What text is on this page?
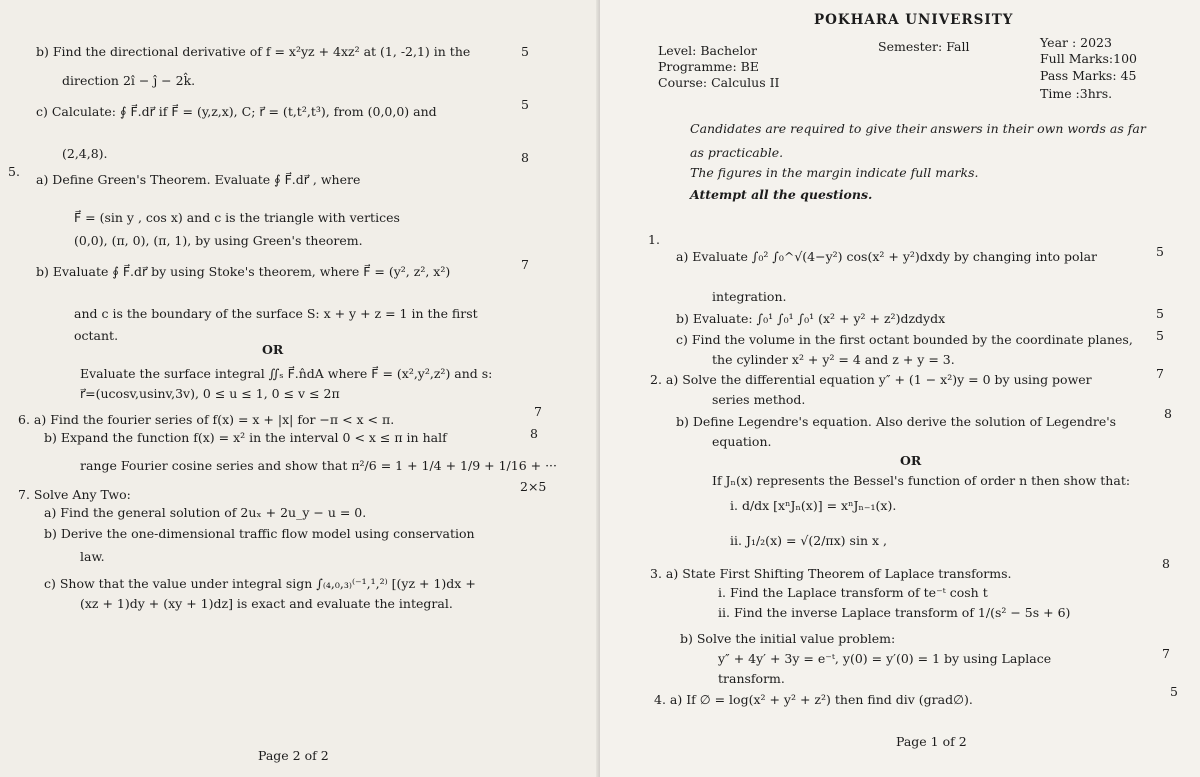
b) Find the directional derivative of f = x²yz + 4xz² at (1, -2,1) in the
direction 2î − ĵ − 2k̂.
c) Calculate: ∮ F⃗.dr⃗ if F⃗ = (y,z,x), C; r⃗ = (t,t²,t³), from (0,0,0) and
(2,4,8).
5.
a) Define Green's Theorem. Evaluate ∮ F⃗.dr⃗ , where
F⃗ = (sin y , cos x) and c is the triangle with vertices
(0,0), (π, 0), (π, 1), by using Green's theorem.
b) Evaluate ∮ F⃗.dr⃗ by using Stoke's theorem, where F⃗ = (y², z², x²)
and c is the boundary of the surface S: x + y + z = 1 in the first
octant.
OR
Evaluate the surface integral ∬ₛ F⃗.n̂dA where F⃗ = (x²,y²,z²) and s:
r⃗=(ucosv,usinv,3v), 0 ≤ u ≤ 1, 0 ≤ v ≤ 2π
6. a) Find the fourier series of f(x) = x + |x| for −π < x < π.
b) Expand the function f(x) = x² in the interval 0 < x ≤ π in half
range Fourier cosine series and show that π²/6 = 1 + 1/4 + 1/9 + 1/16 + ···
7. Solve Any Two:
a) Find the general solution of 2uₓ + 2u_y − u = 0.
b) Derive the one-dimensional traffic flow model using conservation
law.
c) Show that the value under integral sign ∫₍₄,₀,₃₎⁽⁻¹,¹,²⁾ [(yz + 1)dx +
(xz + 1)dy + (xy + 1)dz] is exact and evaluate the integral.
Page 2 of 2
5
5
8
7
7
8
2×5
POKHARA UNIVERSITY
Level: Bachelor
Programme: BE
Course: Calculus II
Semester: Fall	Year : 2023
Full Marks:100
Pass Marks: 45
Time :3hrs.
Candidates are required to give their answers in their own words as far
as practicable.
The figures in the margin indicate full marks.
Attempt all the questions.
1.
a) Evaluate ∫₀² ∫₀^√(4−y²) cos(x² + y²)dxdy by changing into polar
integration.
b) Evaluate: ∫₀¹ ∫₀¹ ∫₀¹ (x² + y² + z²)dzdydx
c) Find the volume in the first octant bounded by the coordinate planes,
the cylinder x² + y² = 4 and z + y = 3.
2. a) Solve the differential equation y″ + (1 − x²)y = 0 by using power
series method.
b) Define Legendre's equation. Also derive the solution of Legendre's
equation.
OR
If Jₙ(x) represents the Bessel's function of order n then show that:
i. d/dx [xⁿJₙ(x)] = xⁿJₙ₋₁(x).
ii. J₁/₂(x) = √(2/πx) sin x ,
3. a) State First Shifting Theorem of Laplace transforms.
i. Find the Laplace transform of te⁻ᵗ cosh t
ii. Find the inverse Laplace transform of 1/(s² − 5s + 6)
b) Solve the initial value problem:
y″ + 4y′ + 3y = e⁻ᵗ, y(0) = y′(0) = 1 by using Laplace
transform.
4. a) If ∅ = log(x² + y² + z²) then find div (grad∅).
Page 1 of 2
5
5
5
7
8
8
7
5
